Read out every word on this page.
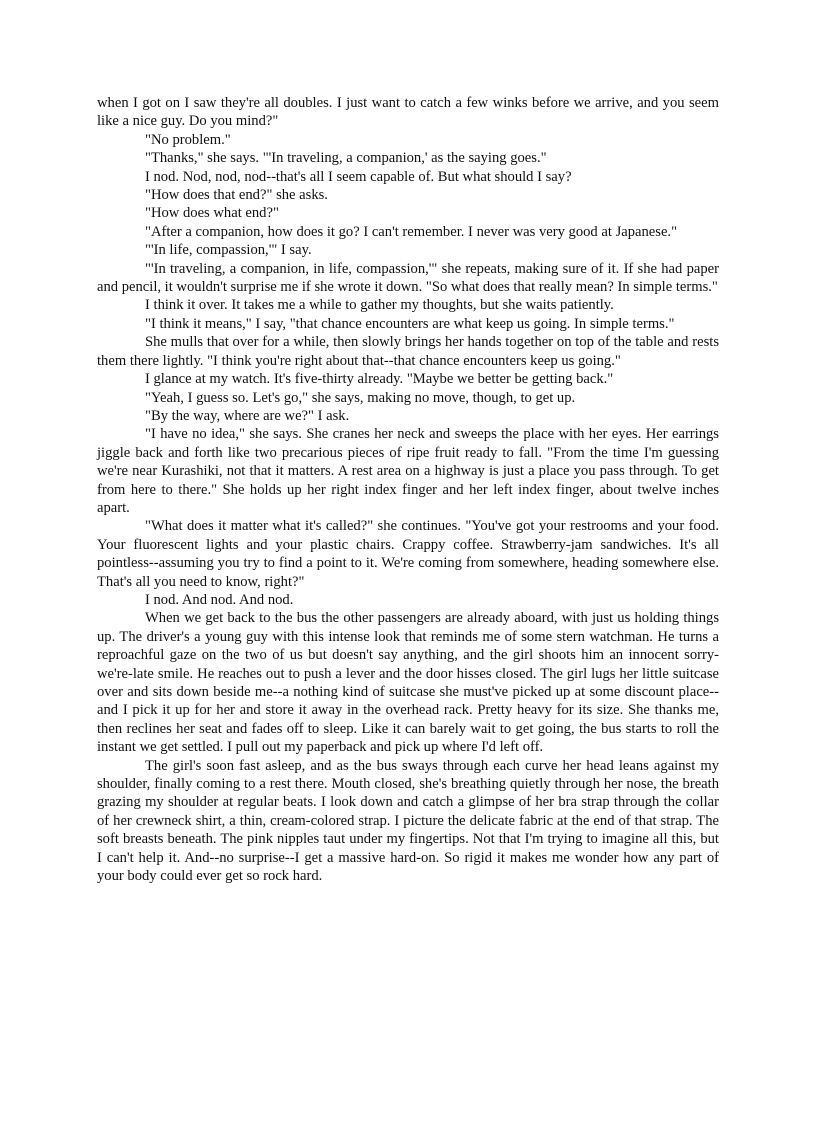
when I got on I saw they're all doubles. I just want to catch a few winks before we arrive, and you seem like a nice guy. Do you mind?"

"No problem."

"Thanks," she says. "'In traveling, a companion,' as the saying goes."

I nod. Nod, nod, nod--that's all I seem capable of. But what should I say?

"How does that end?" she asks.

"How does what end?"

"After a companion, how does it go? I can't remember. I never was very good at Japanese."

"'In life, compassion,'" I say.

"'In traveling, a companion, in life, compassion,'" she repeats, making sure of it. If she had paper and pencil, it wouldn't surprise me if she wrote it down. "So what does that really mean? In simple terms."

I think it over. It takes me a while to gather my thoughts, but she waits patiently.

"I think it means," I say, "that chance encounters are what keep us going. In simple terms."

She mulls that over for a while, then slowly brings her hands together on top of the table and rests them there lightly. "I think you're right about that--that chance encounters keep us going."

I glance at my watch. It's five-thirty already. "Maybe we better be getting back."

"Yeah, I guess so. Let's go," she says, making no move, though, to get up.

"By the way, where are we?" I ask.

"I have no idea," she says. She cranes her neck and sweeps the place with her eyes. Her earrings jiggle back and forth like two precarious pieces of ripe fruit ready to fall. "From the time I'm guessing we're near Kurashiki, not that it matters. A rest area on a highway is just a place you pass through. To get from here to there." She holds up her right index finger and her left index finger, about twelve inches apart.

"What does it matter what it's called?" she continues. "You've got your restrooms and your food. Your fluorescent lights and your plastic chairs. Crappy coffee. Strawberry-jam sandwiches. It's all pointless--assuming you try to find a point to it. We're coming from somewhere, heading somewhere else. That's all you need to know, right?"

I nod. And nod. And nod.

When we get back to the bus the other passengers are already aboard, with just us holding things up. The driver's a young guy with this intense look that reminds me of some stern watchman. He turns a reproachful gaze on the two of us but doesn't say anything, and the girl shoots him an innocent sorry-we're-late smile. He reaches out to push a lever and the door hisses closed. The girl lugs her little suitcase over and sits down beside me--a nothing kind of suitcase she must've picked up at some discount place--and I pick it up for her and store it away in the overhead rack. Pretty heavy for its size. She thanks me, then reclines her seat and fades off to sleep. Like it can barely wait to get going, the bus starts to roll the instant we get settled. I pull out my paperback and pick up where I'd left off.

The girl's soon fast asleep, and as the bus sways through each curve her head leans against my shoulder, finally coming to a rest there. Mouth closed, she's breathing quietly through her nose, the breath grazing my shoulder at regular beats. I look down and catch a glimpse of her bra strap through the collar of her crewneck shirt, a thin, cream-colored strap. I picture the delicate fabric at the end of that strap. The soft breasts beneath. The pink nipples taut under my fingertips. Not that I'm trying to imagine all this, but I can't help it. And--no surprise--I get a massive hard-on. So rigid it makes me wonder how any part of your body could ever get so rock hard.
